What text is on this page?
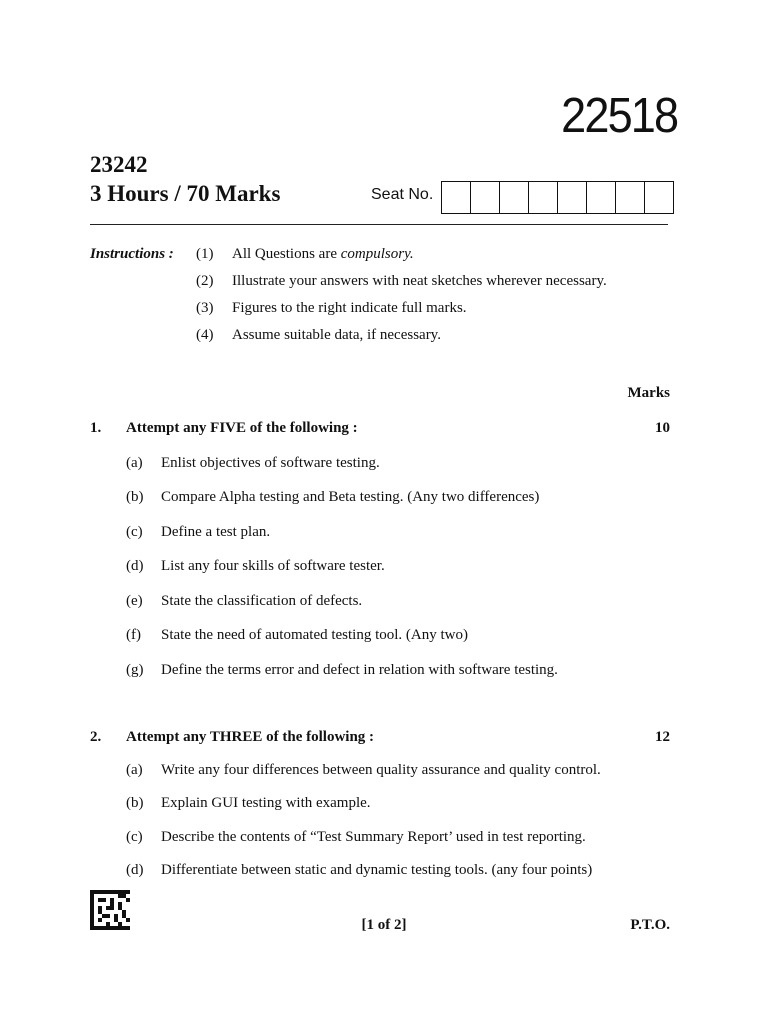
22518
23242
3 Hours / 70 Marks	Seat No.
Instructions : (1) All Questions are compulsory.
(2) Illustrate your answers with neat sketches wherever necessary.
(3) Figures to the right indicate full marks.
(4) Assume suitable data, if necessary.
Marks
1. Attempt any FIVE of the following :	10
(a) Enlist objectives of software testing.
(b) Compare Alpha testing and Beta testing. (Any two differences)
(c) Define a test plan.
(d) List any four skills of software tester.
(e) State the classification of defects.
(f) State the need of automated testing tool. (Any two)
(g) Define the terms error and defect in relation with software testing.
2. Attempt any THREE of the following :	12
(a) Write any four differences between quality assurance and quality control.
(b) Explain GUI testing with example.
(c) Describe the contents of “Test Summary Report’ used in test reporting.
(d) Differentiate between static and dynamic testing tools. (any four points)
[1 of 2]	P.T.O.
